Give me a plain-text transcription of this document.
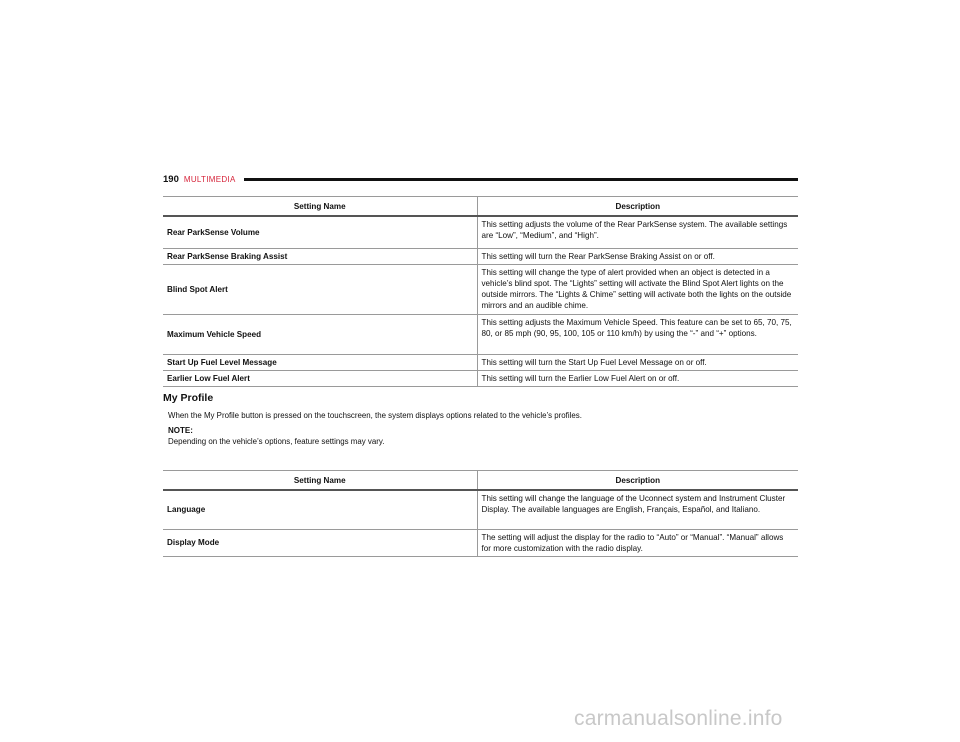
190 MULTIMEDIA
Setting Name	Description
Rear ParkSense Volume	This setting adjusts the volume of the Rear ParkSense system. The available settings are “Low”, “Medium”, and “High”.
Rear ParkSense Braking Assist	This setting will turn the Rear ParkSense Braking Assist on or off.
Blind Spot Alert	This setting will change the type of alert provided when an object is detected in a vehicle’s blind spot. The “Lights” setting will activate the Blind Spot Alert lights on the outside mirrors. The “Lights & Chime” setting will activate both the lights on the outside mirrors and an audible chime.
Maximum Vehicle Speed	This setting adjusts the Maximum Vehicle Speed. This feature can be set to 65, 70, 75, 80, or 85 mph (90, 95, 100, 105 or 110 km/h) by using the “-” and “+” options.
Start Up Fuel Level Message	This setting will turn the Start Up Fuel Level Message on or off.
Earlier Low Fuel Alert	This setting will turn the Earlier Low Fuel Alert on or off.
My Profile
When the My Profile button is pressed on the touchscreen, the system displays options related to the vehicle’s profiles.
NOTE:
Depending on the vehicle’s options, feature settings may vary.
Setting Name	Description
Language	This setting will change the language of the Uconnect system and Instrument Cluster Display. The available languages are English, Français, Español, and Italiano.
Display Mode	The setting will adjust the display for the radio to “Auto” or “Manual”. “Manual” allows for more customization with the radio display.
carmanualsonline.info
